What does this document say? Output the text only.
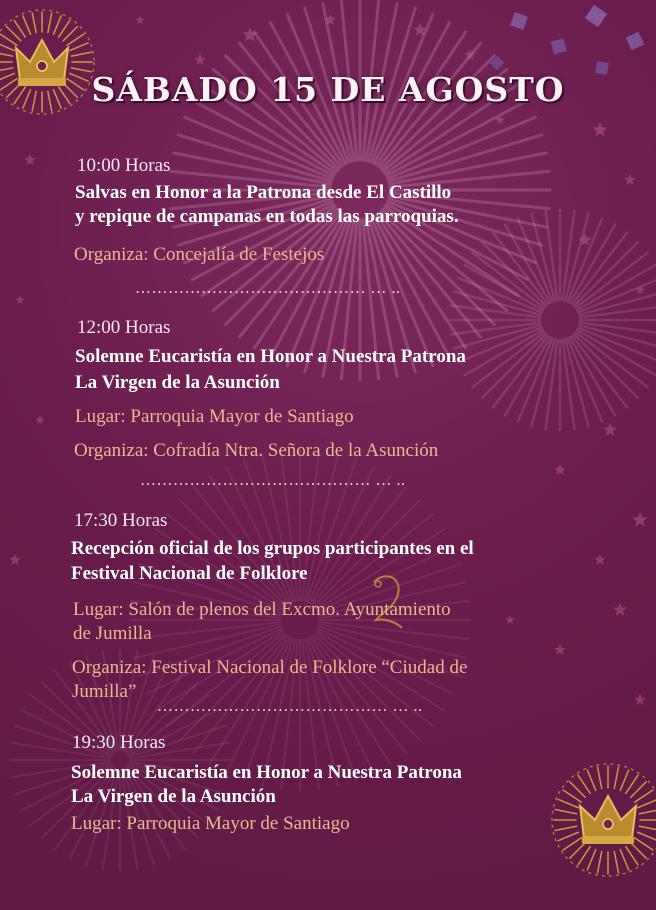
SÁBADO 15 DE AGOSTO
10:00 Horas
Salvas en Honor a la Patrona desde El Castillo
y repique de campanas en todas las parroquias.
Organiza: Concejalía de Festejos
…………………………………… … ..
12:00 Horas
Solemne Eucaristía en Honor a Nuestra Patrona
La Virgen de la Asunción
Lugar: Parroquia Mayor de Santiago
Organiza: Cofradía Ntra. Señora de la Asunción
…………………………………… … ..
17:30 Horas
Recepción oficial de los grupos participantes en el
Festival Nacional de Folklore
Lugar: Salón de plenos del Excmo. Ayuntamiento
de Jumilla
Organiza: Festival Nacional de Folklore “Ciudad de
Jumilla”
…………………………………… … ..
19:30 Horas
Solemne Eucaristía en Honor a Nuestra Patrona
La Virgen de la Asunción
Lugar: Parroquia Mayor de Santiago
